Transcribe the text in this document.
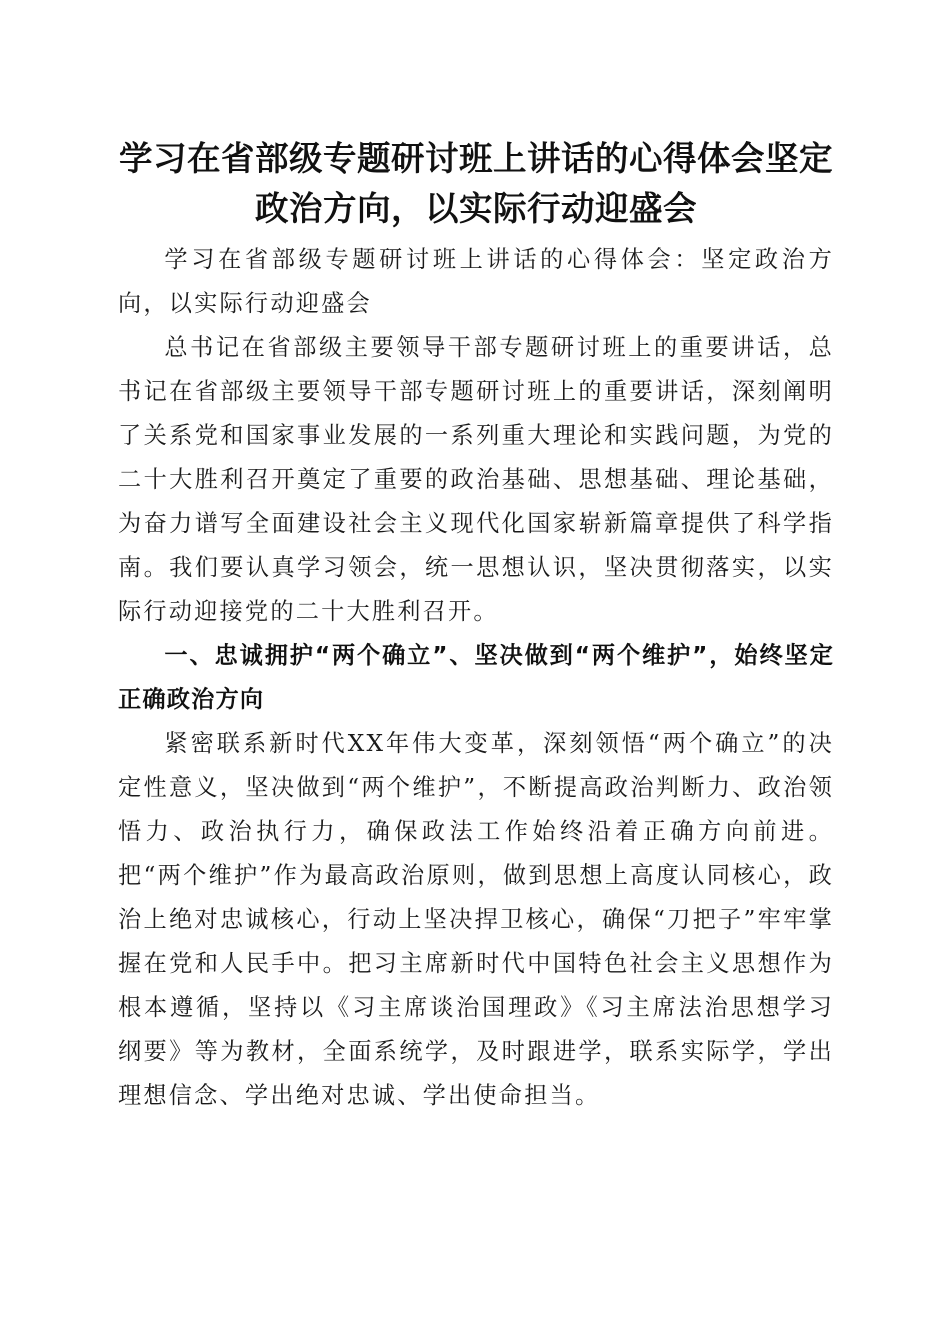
学习在省部级专题研讨班上讲话的心得体会坚定政治方向，以实际行动迎盛会

学习在省部级专题研讨班上讲话的心得体会：坚定政治方向，以实际行动迎盛会

总书记在省部级主要领导干部专题研讨班上的重要讲话，总书记在省部级主要领导干部专题研讨班上的重要讲话，深刻阐明了关系党和国家事业发展的一系列重大理论和实践问题，为党的二十大胜利召开奠定了重要的政治基础、思想基础、理论基础，为奋力谱写全面建设社会主义现代化国家崭新篇章提供了科学指南。我们要认真学习领会，统一思想认识，坚决贯彻落实，以实际行动迎接党的二十大胜利召开。

一、忠诚拥护“两个确立”、坚决做到“两个维护”，始终坚定正确政治方向

紧密联系新时代XX年伟大变革，深刻领悟“两个确立”的决定性意义，坚决做到“两个维护”，不断提高政治判断力、政治领悟力、政治执行力，确保政法工作始终沿着正确方向前进。把“两个维护”作为最高政治原则，做到思想上高度认同核心，政治上绝对忠诚核心，行动上坚决捍卫核心，确保“刀把子”牢牢掌握在党和人民手中。把习主席新时代中国特色社会主义思想作为根本遵循，坚持以《习主席谈治国理政》《习主席法治思想学习纲要》等为教材，全面系统学，及时跟进学，联系实际学，学出理想信念、学出绝对忠诚、学出使命担当。
